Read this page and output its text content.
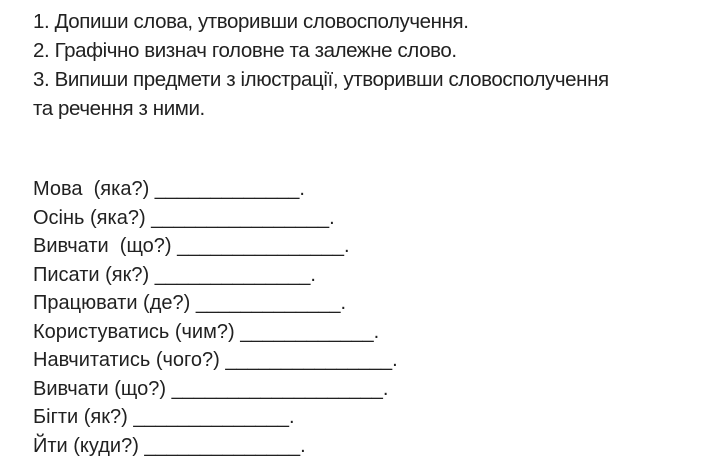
1. Допиши слова, утворивши словосполучення.

2. Графічно визнач головне та залежне слово.

3. Випиши предмети з ілюстрації, утворивши словосполучення та речення з ними.

Мова  (яка?) _____________.
Осінь (яка?) ________________.
Вивчати  (що?) _______________.
Писати (як?) ______________.
Працювати (де?) _____________.
Користуватись (чим?) ____________.
Навчитатись (чого?) _______________.
Вивчати (що?) ___________________.
Бігти (як?) ______________.
Йти (куди?) ______________.
